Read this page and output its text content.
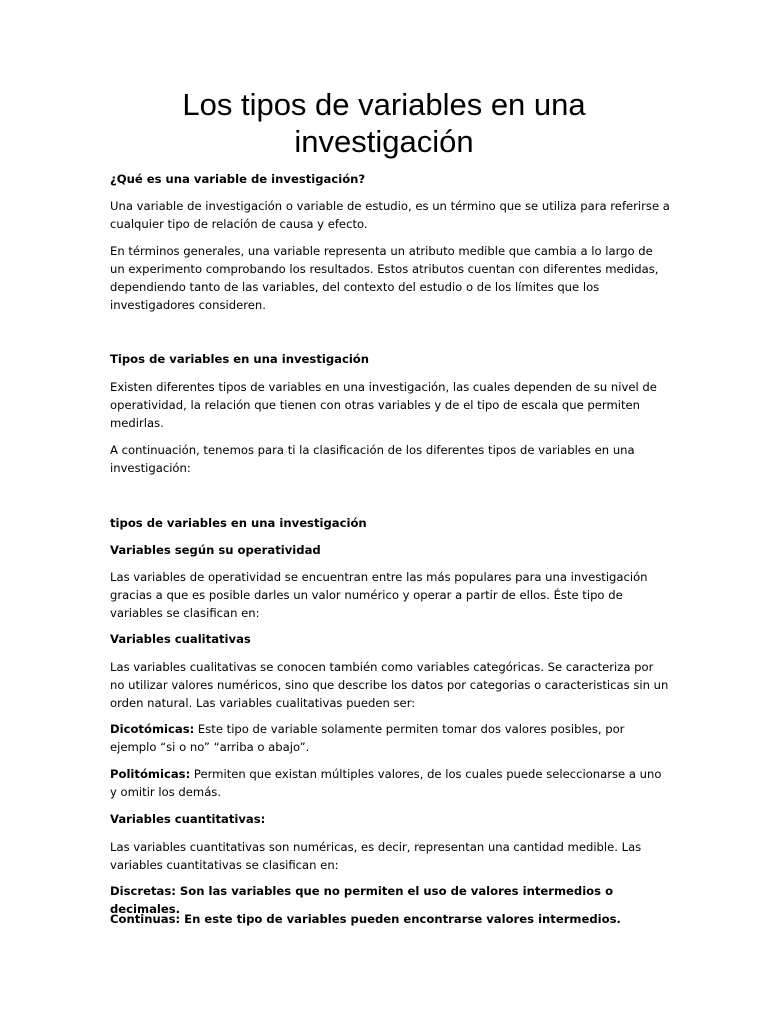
Los tipos de variables en una investigación

¿Qué es una variable de investigación?

Una variable de investigación o variable de estudio, es un término que se utiliza para referirse a cualquier tipo de relación de causa y efecto.

En términos generales, una variable representa un atributo medible que cambia a lo largo de un experimento comprobando los resultados. Estos atributos cuentan con diferentes medidas, dependiendo tanto de las variables, del contexto del estudio o de los límites que los investigadores consideren.

Tipos de variables en una investigación

Existen diferentes tipos de variables en una investigación, las cuales dependen de su nivel de operatividad, la relación que tienen con otras variables y de el tipo de escala que permiten medirlas.

A continuación, tenemos para ti la clasificación de los diferentes tipos de variables en una investigación:

tipos de variables en una investigación

Variables según su operatividad

Las variables de operatividad se encuentran entre las más populares para una investigación gracias a que es posible darles un valor numérico y operar a partir de ellos. Éste tipo de variables se clasifican en:

Variables cualitativas

Las variables cualitativas se conocen también como variables categóricas. Se caracteriza por no utilizar valores numéricos, sino que describe los datos por categorias o caracteristicas sin un orden natural. Las variables cualitativas pueden ser:

Dicotómicas: Este tipo de variable solamente permiten tomar dos valores posibles, por ejemplo “si o no” “arriba o abajo”.

Politómicas: Permiten que existan múltiples valores, de los cuales puede seleccionarse a uno y omitir los demás.

Variables cuantitativas:

Las variables cuantitativas son numéricas, es decir, representan una cantidad medible. Las variables cuantitativas se clasifican en:

Discretas: Son las variables que no permiten el uso de valores intermedios o decimales.

Continuas: En este tipo de variables pueden encontrarse valores intermedios.
